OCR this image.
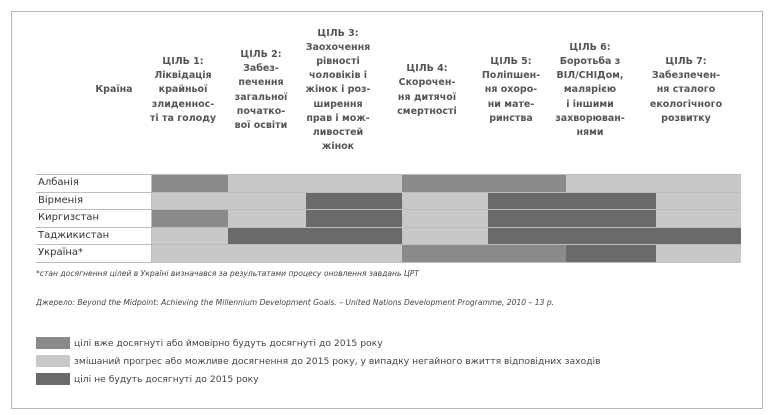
Країна
ЦІЛЬ 1:
Ліквідація
крайньої
злиденнос-
ті та голоду
ЦІЛЬ 2:
Забез-
печення
загальної
початко-
вої освіти
ЦІЛЬ 3:
Заохочення
рівності
чоловіків і
жінок і роз-
ширення
прав і мож-
ливостей
жінок
ЦІЛЬ 4:
Скорочен-
ня дитячої
смертності
ЦІЛЬ 5:
Поліпшен-
ня охоро-
ни мате-
ринства
ЦІЛЬ 6:
Боротьба з
ВІЛ/СНІДом,
малярією
і іншими
захворюван-
нями
ЦІЛЬ 7:
Забезпечен-
ня сталого
екологічного
розвитку
Албанія
Вірменія
Киргизстан
Таджикистан
Україна*
*стан досягнення цілей в Україні визначався за результатами процесу оновлення завдань ЦРТ
Джерело: Beyond the Midpoint: Achieving the Millennium Development Goals. – United Nations Development Programme, 2010 – 13 р.
цілі вже досягнуті або ймовірно будуть досягнуті до 2015 року
змішаний прогрес або можливе досягнення до 2015 року, у випадку негайного вжиття відповідних заходів
цілі не будуть досягнуті до 2015 року
